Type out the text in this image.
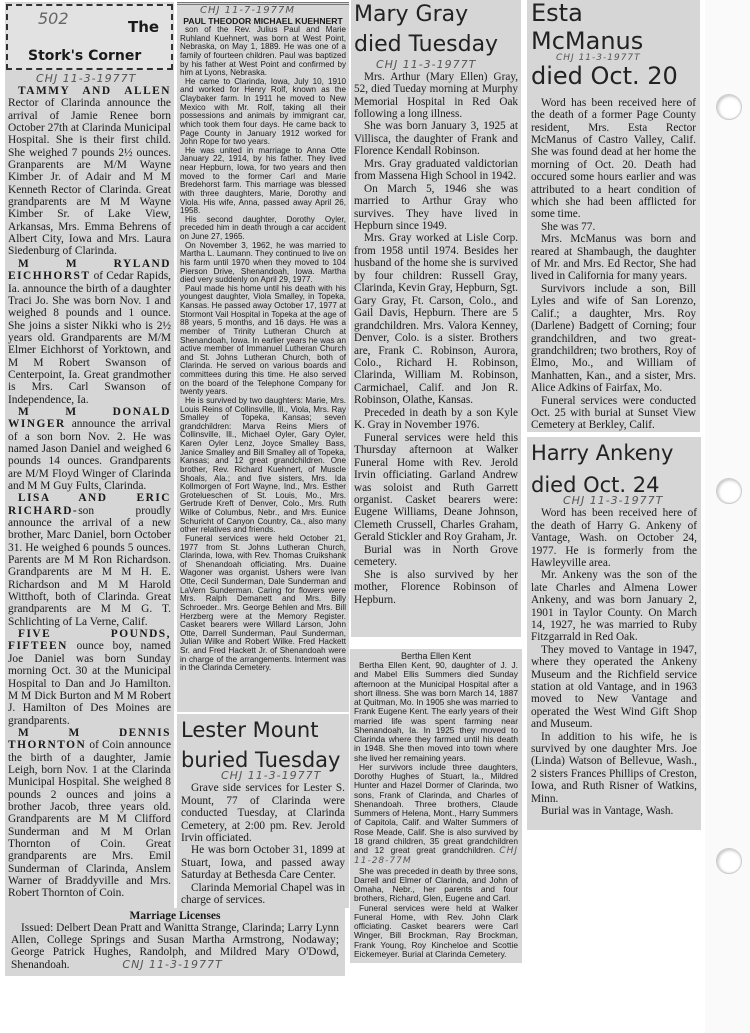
502	The
Stork's Corner
CHJ 11-3-1977T

TAMMY AND ALLEN Rector of Clarinda announce the arrival of Jamie Renee born October 27th at Clarinda Municipal Hospital. She is their first child. She weighed 7 pounds 2½ ounces. Granparents are M/M Wayne Kimber Jr. of Adair and M M Kenneth Rector of Clarinda. Great grandparents are M M Wayne Kimber Sr. of Lake View, Arkansas, Mrs. Emma Behrens of Albert City, Iowa and Mrs. Laura Siedenburg of Clarinda.

M M RYLAND EICHHORST of Cedar Rapids, Ia. announce the birth of a daughter Traci Jo. She was born Nov. 1 and weighed 8 pounds and 1 ounce. She joins a sister Nikki who is 2½ years old. Grandparents are M/M Elmer Eichhorst of Yorktown, and M M Robert Swanson of Centerpoint, Ia. Great grandmother is Mrs. Carl Swanson of Independence, Ia.

M M DONALD WINGER announce the arrival of a son born Nov. 2. He was named Jason Daniel and weighed 6 pounds 14 ounces. Grandparents are M/M Floyd Winger of Clarinda and M M Guy Fults, Clarinda.

LISA AND ERIC RICHARD-son proudly announce the arrival of a new brother, Marc Daniel, born October 31. He weighed 6 pounds 5 ounces. Parents are M M Ron Richardson. Grandparents are M M H. E. Richardson and M M Harold Witthoft, both of Clarinda. Great grandparents are M M G. T. Schlichting of La Verne, Calif.

FIVE POUNDS, FIFTEEN ounce boy, named Joe Daniel was born Sunday morning Oct. 30 at the Municipal Hospital to Dan and Jo Hamilton. M M Dick Burton and M M Robert J. Hamilton of Des Moines are grandparents.

M M DENNIS THORNTON of Coin announce the birth of a daughter, Jamie Leigh, born Nov. 1 at the Clarinda Municipal Hospital. She weighed 8 pounds 2 ounces and joins a brother Jacob, three years old. Grandparents are M M Clifford Sunderman and M M Orlan Thornton of Coin. Great grandparents are Mrs. Emil Sunderman of Clarinda, Anslem Warner of Braddyville and Mrs. Robert Thornton of Coin.

CHJ 11-7-1977M

PAUL THEODOR MICHAEL KUEHNERT

son of the Rev. Julius Paul and Marie Ruhland Kuehnert, was born at West Point, Nebraska, on May 1, 1889. He was one of a family of fourteen children. Paul was baptized by his father at West Point and confirmed by him at Lyons, Nebraska.

He came to Clarinda, Iowa, July 10, 1910 and worked for Henry Rolf, known as the Claybaker farm. In 1911 he moved to New Mexico with Mr. Rolf, taking all their possessions and animals by immigrant car, which took them four days. He came back to Page County in January 1912 worked for John Rope for two years.

He was united in marriage to Anna Otte January 22, 1914, by his father. They lived near Hepburn, Iowa, for two years and then moved to the former Carl and Marie Bredehorst farm. This marriage was blessed with three daughters, Marie, Dorothy and Viola. His wife, Anna, passed away April 26, 1958.

His second daughter, Dorothy Oyler, preceded him in death through a car accident on June 27, 1965.

On November 3, 1962, he was married to Martha L. Laumann. They continued to live on his farm until 1970 when they moved to 104 Pierson Drive, Shenandoah, Iowa. Martha died very suddenly on April 29, 1977.

Paul made his home until his death with his youngest daughter, Viola Smalley, in Topeka, Kansas. He passed away October 17, 1977 at Stormont Vail Hospital in Topeka at the age of 88 years, 5 months, and 16 days. He was a member of Trinity Lutheran Church at Shenandoah, Iowa. In earlier years he was an active member of Immanuel Lutheran Church and St. Johns Lutheran Church, both of Clarinda. He served on various boards and committees during this time. He also served on the board of the Telephone Company for twenty years.

He is survived by two daughters: Marie, Mrs. Louis Reins of Collinsville, Ill., Viola, Mrs. Ray Smalley of Topeka, Kansas; seven grandchildren: Marva Reins Miers of Collinsville, Ill., Michael Oyler, Gary Oyler, Karen Oyler Lenz, Joyce Smalley Bass, Janice Smalley and Bill Smalley all of Topeka, Kansas; and 12 great grandchildren. One brother, Rev. Richard Kuehnert, of Muscle Shoals, Ala.; and five sisters, Mrs. Ida Kollmorgen of Fort Wayne, Ind., Mrs. Esther Grotelueschen of St. Louis, Mo., Mrs. Gertrude Kreft of Denver, Colo., Mrs. Ruth Wilke of Columbus, Nebr., and Mrs. Eunice Schuricht of Canyon Country, Ca., also many other relatives and friends.

Funeral services were held October 21, 1977 from St. Johns Lutheran Church, Clarinda, Iowa, with Rev. Thomas Cruikshank of Shenandoah officiating. Mrs. Duaine Wagoner was organist. Ushers were Ivan Otte, Cecil Sunderman, Dale Sunderman and LaVern Sunderman. Caring for flowers were Mrs. Ralph Demanett and Mrs. Billy Schroeder.. Mrs. George Behlen and Mrs. Bill Herzberg were at the Memory Register. Casket bearers were Willard Larson, John Otte, Darrell Sunderman, Paul Sunderman, Julian Wilke and Robert Wilke. Fred Hackett Sr. and Fred Hackett Jr. of Shenandoah were in charge of the arrangements. Interment was in the Clarinda Cemetery.

Lester Mount
buried Tuesday
CHJ 11-3-1977T

Grave side services for Lester S. Mount, 77 of Clarinda were conducted Tuesday, at Clarinda Cemetery, at 2:00 pm. Rev. Jerold Irvin officiated.

He was born October 31, 1899 at Stuart, Iowa, and passed away Saturday at Bethesda Care Center.

Clarinda Memorial Chapel was in charge of services.

Marriage Licenses

Issued: Delbert Dean Pratt and Wanitta Strange, Clarinda; Larry Lynn Allen, College Springs and Susan Martha Armstrong, Nodaway; George Patrick Hughes, Randolph, and Mildred Mary O'Dowd, Shenandoah.	CNJ 11-3-1977T

Mary Gray
died Tuesday
CHJ 11-3-1977T

Mrs. Arthur (Mary Ellen) Gray, 52, died Tueday morning at Murphy Memorial Hospital in Red Oak following a long illness.

She was born January 3, 1925 at Villisca, the daughter of Frank and Florence Kendall Robinson.

Mrs. Gray graduated valdictorian from Massena High School in 1942.

On March 5, 1946 she was married to Arthur Gray who survives. They have lived in Hepburn since 1949.

Mrs. Gray worked at Lisle Corp. from 1958 until 1974. Besides her husband of the home she is survived by four children: Russell Gray, Clarinda, Kevin Gray, Hepburn, Sgt. Gary Gray, Ft. Carson, Colo., and Gail Davis, Hepburn. There are 5 grandchildren. Mrs. Valora Kenney, Denver, Colo. is a sister. Brothers are, Frank C. Robinson, Aurora, Colo., Richard H. Robinson, Clarinda, William M. Robinson, Carmichael, Calif. and Jon R. Robinson, Olathe, Kansas.

Preceded in death by a son Kyle K. Gray in November 1976.

Funeral services were held this Thursday afternoon at Walker Funeral Home with Rev. Jerold Irvin officiating. Garland Andrew was soloist and Ruth Garrett organist. Casket bearers were: Eugene Williams, Deane Johnson, Clemeth Crussell, Charles Graham, Gerald Stickler and Roy Graham, Jr.

Burial was in North Grove cemetery.

She is also survived by her mother, Florence Robinson of Hepburn.

Bertha Ellen Kent

Bertha Ellen Kent, 90, daughter of J. J. and Mabel Ellis Summers died Sunday afternoon at the Municipal Hospital after a short illness. She was born March 14, 1887 at Quitman, Mo. In 1905 she was married to Frank Eugene Kent. The early years of their married life was spent farming near Shenandoah, Ia. In 1925 they moved to Clarinda where they farmed until his death in 1948. She then moved into town where she lived her remaining years.

Her survivors include three daughters, Dorothy Hughes of Stuart, Ia., Mildred Hunter and Hazel Dormer of Clarinda, two sons, Frank of Clarinda, and Charles of Shenandoah. Three brothers, Claude Summers of Helena, Mont., Harry Summers of Capitola, Calif. and Walter Summers of Rose Meade, Calif. She is also survived by 18 grand children, 35 great grandchildren and 12 great great grandchildren. CHJ 11-28-77M

She was preceded in death by three sons, Darrell and Elmer of Clarinda, and John of Omaha, Nebr., her parents and four brothers, Richard, Glen, Eugene and Carl.

Funeral services were held at Walker Funeral Home, with Rev. John Clark officiating. Casket bearers were Carl Winger, Bill Brockman, Ray Brockman, Frank Young, Roy Kincheloe and Scottie Eickemeyer. Burial at Clarinda Cemetery.

Esta McManus
CHJ 11-3-1977T
died Oct. 20

Word has been received here of the death of a former Page County resident, Mrs. Esta Rector McManus of Castro Valley, Calif. She was found dead at her home the morning of Oct. 20. Death had occured some hours earlier and was attributed to a heart condition of which she had been afflicted for some time.

She was 77.

Mrs. McManus was born and reared at Shambaugh, the daughter of Mr. and Mrs. Ed Rector, She had lived in California for many years.

Survivors include a son, Bill Lyles and wife of San Lorenzo, Calif.; a daughter, Mrs. Roy (Darlene) Badgett of Corning; four grandchildren, and two great-grandchildren; two brothers, Roy of Elmo, Mo., and William of Manhatten, Kan., and a sister, Mrs. Alice Adkins of Fairfax, Mo.

Funeral services were conducted Oct. 25 with burial at Sunset View Cemetery at Berkley, Calif.

Harry Ankeny
died Oct. 24
CHJ 11-3-1977T

Word has been received here of the death of Harry G. Ankeny of Vantage, Wash. on October 24, 1977. He is formerly from the Hawleyville area.

Mr. Ankeny was the son of the late Charles and Almena Lower Ankeny, and was born January 2, 1901 in Taylor County. On March 14, 1927, he was married to Ruby Fitzgarrald in Red Oak.

They moved to Vantage in 1947, where they operated the Ankeny Museum and the Richfield service station at old Vantage, and in 1963 moved to New Vantage and operated the West Wind Gift Shop and Museum.

In addition to his wife, he is survived by one daughter Mrs. Joe (Linda) Watson of Bellevue, Wash., 2 sisters Frances Phillips of Creston, Iowa, and Ruth Risner of Watkins, Minn.

Burial was in Vantage, Wash.
